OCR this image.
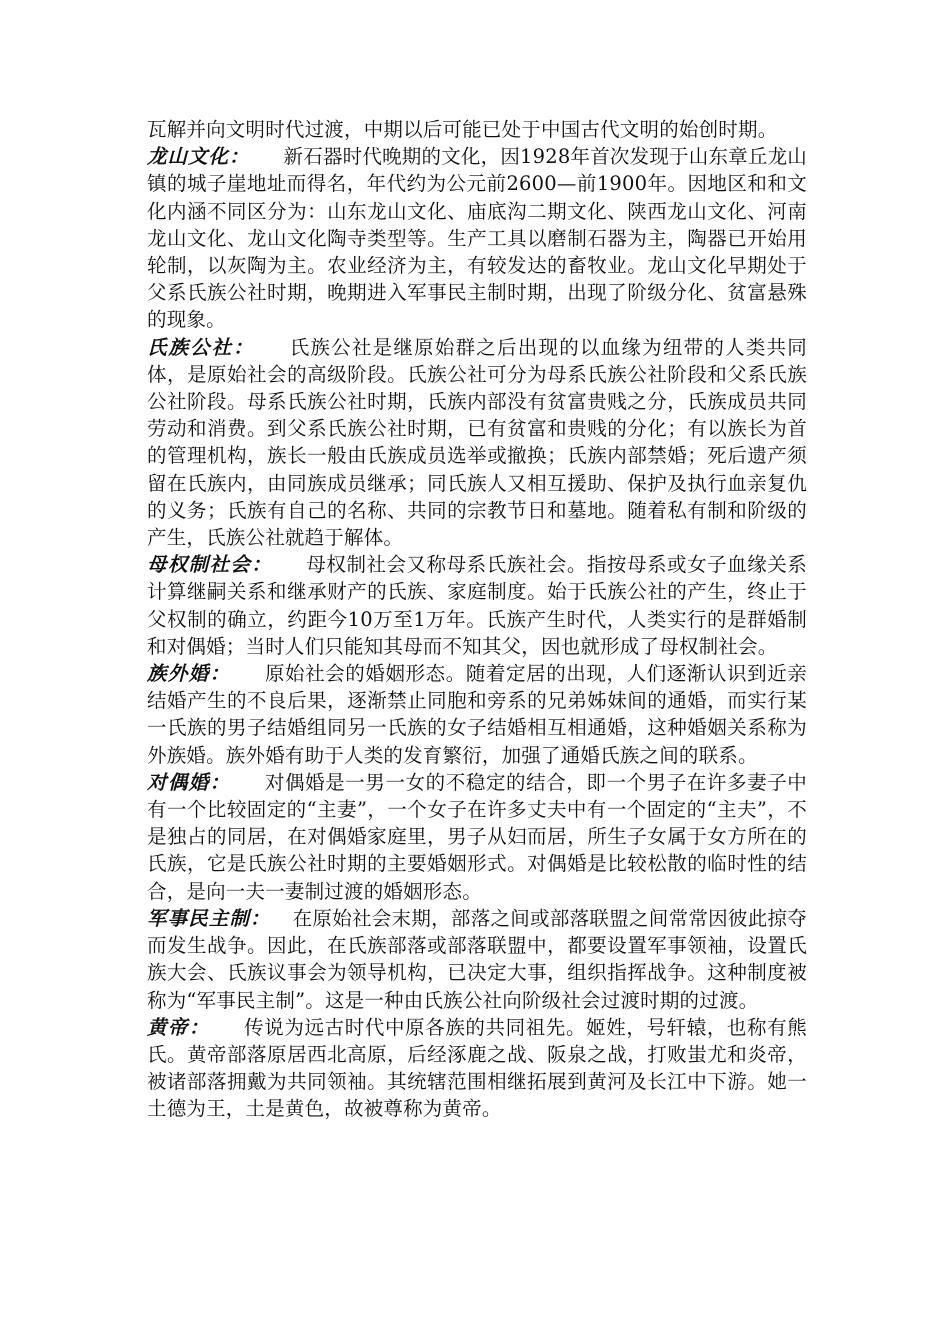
瓦解并向文明时代过渡，中期以后可能已处于中国古代文明的始创时期。

龙山文化： 新石器时代晚期的文化，因1928年首次发现于山东章丘龙山镇的城子崖地址而得名，年代约为公元前2600—前1900年。因地区和和文化内涵不同区分为：山东龙山文化、庙底沟二期文化、陕西龙山文化、河南龙山文化、龙山文化陶寺类型等。生产工具以磨制石器为主，陶器已开始用轮制，以灰陶为主。农业经济为主，有较发达的畜牧业。龙山文化早期处于父系氏族公社时期，晚期进入军事民主制时期，出现了阶级分化、贫富悬殊的现象。

氏族公社： 氏族公社是继原始群之后出现的以血缘为纽带的人类共同体，是原始社会的高级阶段。氏族公社可分为母系氏族公社阶段和父系氏族公社阶段。母系氏族公社时期，氏族内部没有贫富贵贱之分，氏族成员共同劳动和消费。到父系氏族公社时期，已有贫富和贵贱的分化；有以族长为首的管理机构，族长一般由氏族成员选举或撤换；氏族内部禁婚；死后遗产须留在氏族内，由同族成员继承；同氏族人又相互援助、保护及执行血亲复仇的义务；氏族有自己的名称、共同的宗教节日和墓地。随着私有制和阶级的产生，氏族公社就趋于解体。

母权制社会： 母权制社会又称母系氏族社会。指按母系或女子血缘关系计算继嗣关系和继承财产的氏族、家庭制度。始于氏族公社的产生，终止于父权制的确立，约距今10万至1万年。氏族产生时代，人类实行的是群婚制和对偶婚；当时人们只能知其母而不知其父，因也就形成了母权制社会。

族外婚： 原始社会的婚姻形态。随着定居的出现，人们逐渐认识到近亲结婚产生的不良后果，逐渐禁止同胞和旁系的兄弟姊妹间的通婚，而实行某一氏族的男子结婚组同另一氏族的女子结婚相互相通婚，这种婚姻关系称为外族婚。族外婚有助于人类的发育繁衍，加强了通婚氏族之间的联系。

对偶婚： 对偶婚是一男一女的不稳定的结合，即一个男子在许多妻子中有一个比较固定的“主妻”，一个女子在许多丈夫中有一个固定的“主夫”，不是独占的同居，在对偶婚家庭里，男子从妇而居，所生子女属于女方所在的氏族，它是氏族公社时期的主要婚姻形式。对偶婚是比较松散的临时性的结合，是向一夫一妻制过渡的婚姻形态。

军事民主制： 在原始社会末期，部落之间或部落联盟之间常常因彼此掠夺而发生战争。因此，在氏族部落或部落联盟中，都要设置军事领袖，设置氏族大会、氏族议事会为领导机构，已决定大事，组织指挥战争。这种制度被称为“军事民主制”。这是一种由氏族公社向阶级社会过渡时期的过渡。

黄帝： 传说为远古时代中原各族的共同祖先。姬姓，号轩辕，也称有熊氏。黄帝部落原居西北高原，后经涿鹿之战、阪泉之战，打败蚩尤和炎帝，被诸部落拥戴为共同领袖。其统辖范围相继拓展到黄河及长江中下游。她一土德为王，土是黄色，故被尊称为黄帝。
